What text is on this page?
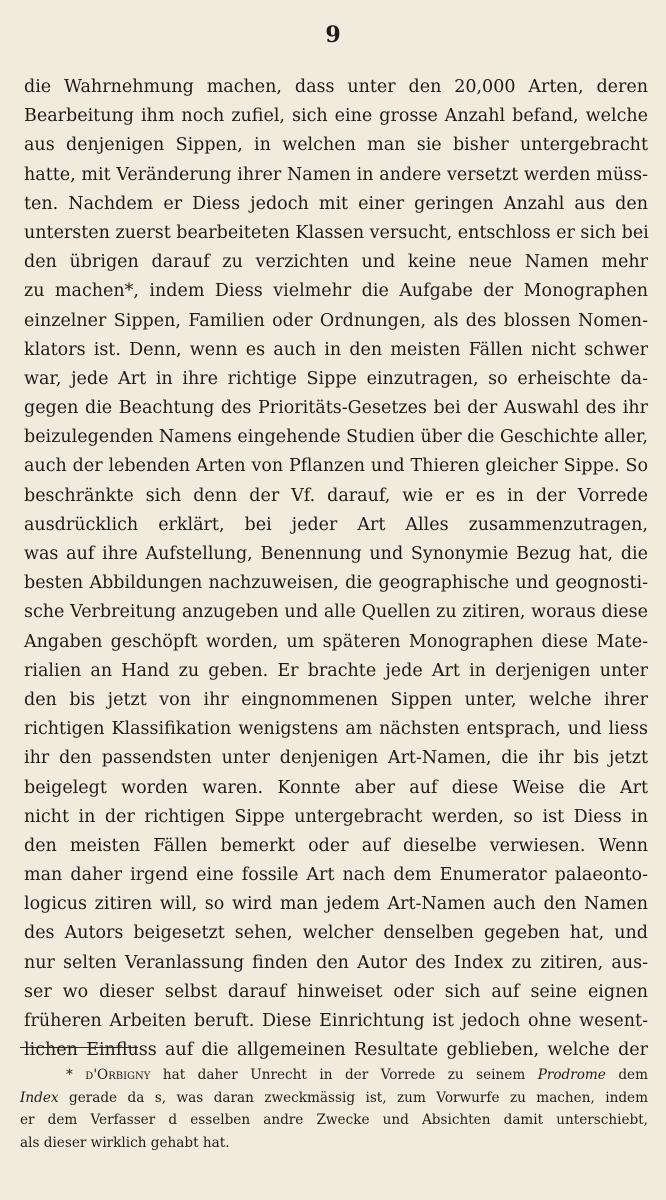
9
die Wahrnehmung machen, dass unter den 20,000 Arten, deren
Bearbeitung ihm noch zufiel, sich eine grosse Anzahl befand, welche
aus denjenigen Sippen, in welchen man sie bisher untergebracht
hatte, mit Veränderung ihrer Namen in andere versetzt werden müss-
ten. Nachdem er Diess jedoch mit einer geringen Anzahl aus den
untersten zuerst bearbeiteten Klassen versucht, entschloss er sich bei
den übrigen darauf zu verzichten und keine neue Namen mehr
zu machen*, indem Diess vielmehr die Aufgabe der Monographen
einzelner Sippen, Familien oder Ordnungen, als des blossen Nomen-
klators ist. Denn, wenn es auch in den meisten Fällen nicht schwer
war, jede Art in ihre richtige Sippe einzutragen, so erheischte da-
gegen die Beachtung des Prioritäts-Gesetzes bei der Auswahl des ihr
beizulegenden Namens eingehende Studien über die Geschichte aller,
auch der lebenden Arten von Pflanzen und Thieren gleicher Sippe. So
beschränkte sich denn der Vf. darauf, wie er es in der Vorrede
ausdrücklich erklärt, bei jeder Art Alles zusammenzutragen,
was auf ihre Aufstellung, Benennung und Synonymie Bezug hat, die
besten Abbildungen nachzuweisen, die geographische und geognosti-
sche Verbreitung anzugeben und alle Quellen zu zitiren, woraus diese
Angaben geschöpft worden, um späteren Monographen diese Mate-
rialien an Hand zu geben. Er brachte jede Art in derjenigen unter
den bis jetzt von ihr eingnommenen Sippen unter, welche ihrer
richtigen Klassifikation wenigstens am nächsten entsprach, und liess
ihr den passendsten unter denjenigen Art-Namen, die ihr bis jetzt
beigelegt worden waren. Konnte aber auf diese Weise die Art
nicht in der richtigen Sippe untergebracht werden, so ist Diess in
den meisten Fällen bemerkt oder auf dieselbe verwiesen. Wenn
man daher irgend eine fossile Art nach dem Enumerator palaeonto-
logicus zitiren will, so wird man jedem Art-Namen auch den Namen
des Autors beigesetzt sehen, welcher denselben gegeben hat, und
nur selten Veranlassung finden den Autor des Index zu zitiren, aus-
ser wo dieser selbst darauf hinweiset oder sich auf seine eignen
früheren Arbeiten beruft. Diese Einrichtung ist jedoch ohne wesent-
lichen Einfluss auf die allgemeinen Resultate geblieben, welche der
* d'Orbigny hat daher Unrecht in der Vorrede zu seinem Prodrome dem
Index gerade da s, was daran zweckmässig ist, zum Vorwurfe zu machen, indem
er dem Verfasser d esselben andre Zwecke und Absichten damit unterschiebt,
als dieser wirklich gehabt hat.
